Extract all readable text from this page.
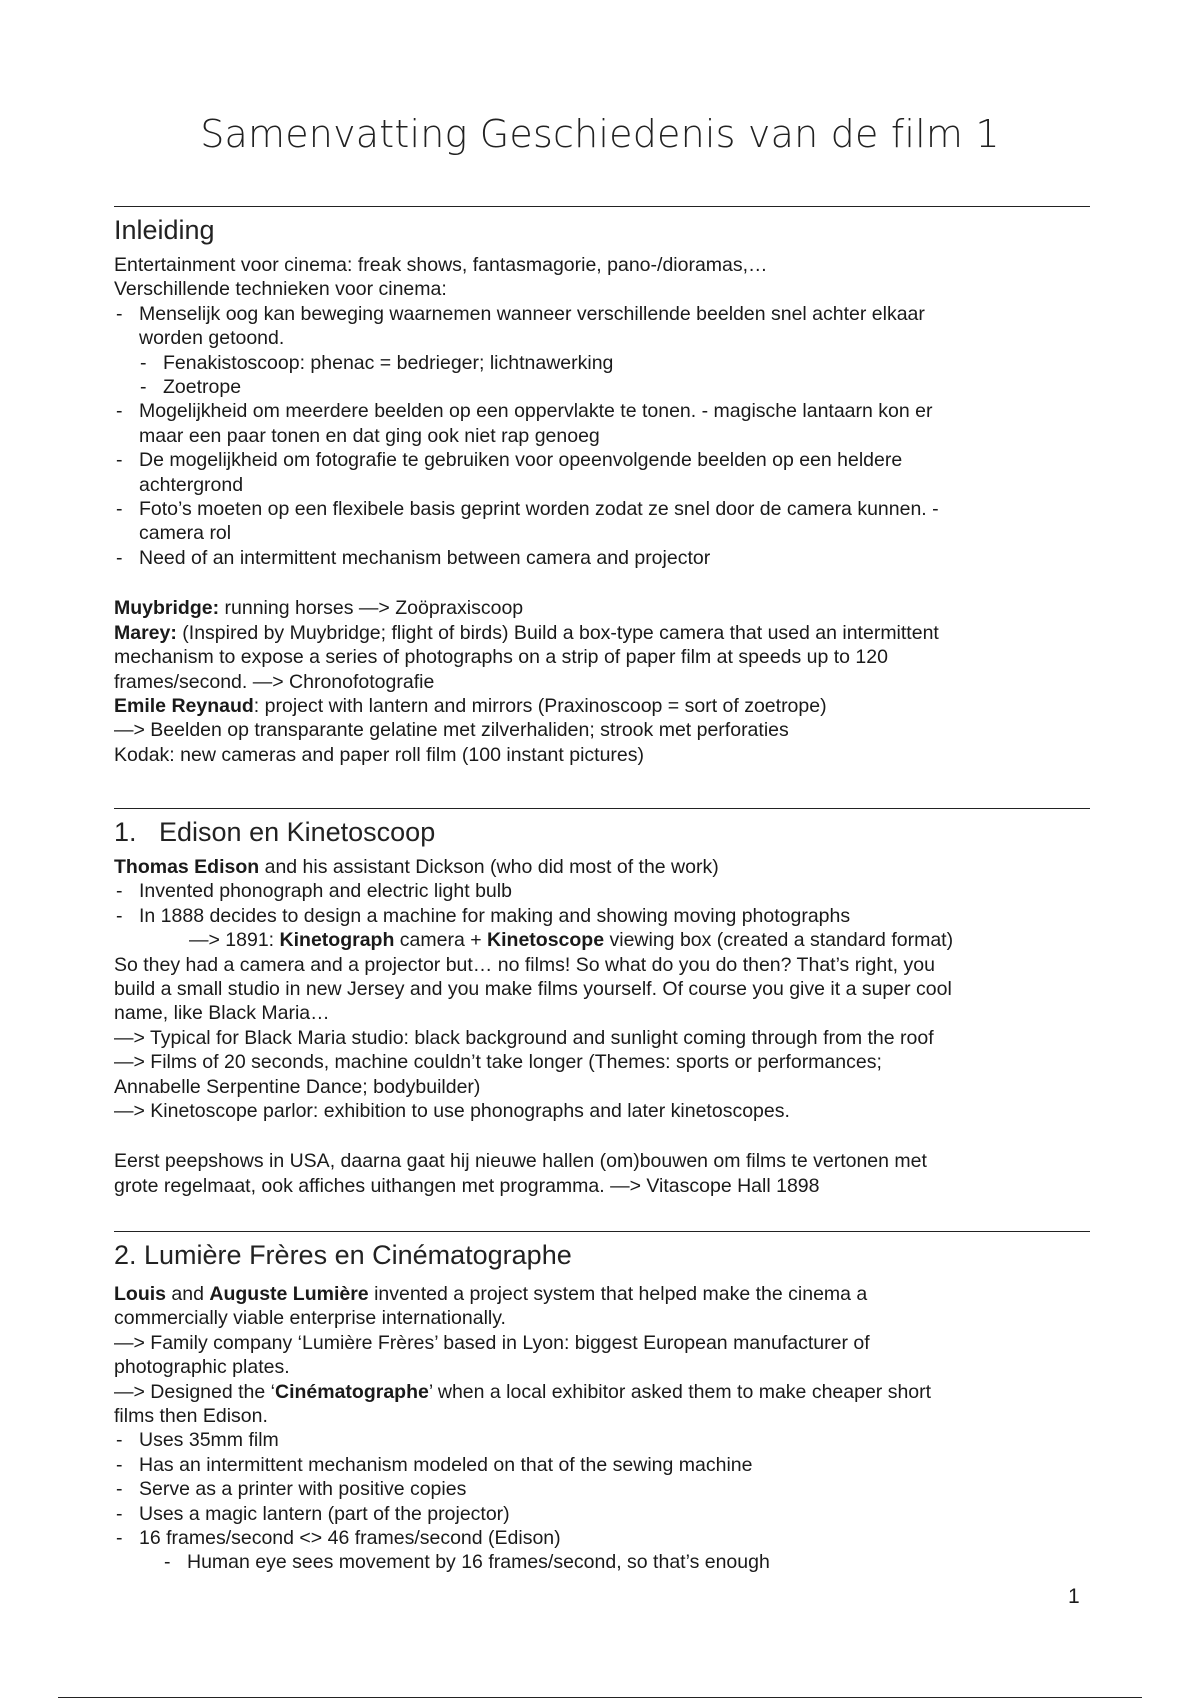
Samenvatting Geschiedenis van de film 1
Inleiding
Entertainment voor cinema: freak shows, fantasmagorie, pano-/dioramas,…
Verschillende technieken voor cinema:
- Menselijk oog kan beweging waarnemen wanneer verschillende beelden snel achter elkaar
worden getoond.
- Fenakistoscoop: phenac = bedrieger; lichtnawerking
- Zoetrope
- Mogelijkheid om meerdere beelden op een oppervlakte te tonen. - magische lantaarn kon er
maar een paar tonen en dat ging ook niet rap genoeg
- De mogelijkheid om fotografie te gebruiken voor opeenvolgende beelden op een heldere
achtergrond
- Foto’s moeten op een flexibele basis geprint worden zodat ze snel door de camera kunnen. -
camera rol
- Need of an intermittent mechanism between camera and projector
Muybridge: running horses —> Zoöpraxiscoop
Marey: (Inspired by Muybridge; flight of birds) Build a box-type camera that used an intermittent
mechanism to expose a series of photographs on a strip of paper film at speeds up to 120
frames/second. —> Chronofotografie
Emile Reynaud: project with lantern and mirrors (Praxinoscoop = sort of zoetrope)
—> Beelden op transparante gelatine met zilverhaliden; strook met perforaties
Kodak: new cameras and paper roll film (100 instant pictures)
1.   Edison en Kinetoscoop
Thomas Edison and his assistant Dickson (who did most of the work)
- Invented phonograph and electric light bulb
- In 1888 decides to design a machine for making and showing moving photographs
—> 1891: Kinetograph camera + Kinetoscope viewing box (created a standard format)
So they had a camera and a projector but… no films! So what do you do then? That’s right, you
build a small studio in new Jersey and you make films yourself. Of course you give it a super cool
name, like Black Maria…
—> Typical for Black Maria studio: black background and sunlight coming through from the roof
—> Films of 20 seconds, machine couldn’t take longer (Themes: sports or performances;
Annabelle Serpentine Dance; bodybuilder)
—> Kinetoscope parlor: exhibition to use phonographs and later kinetoscopes.
Eerst peepshows in USA, daarna gaat hij nieuwe hallen (om)bouwen om films te vertonen met
grote regelmaat, ook affiches uithangen met programma. —> Vitascope Hall 1898
2. Lumière Frères en Cinématographe
Louis and Auguste Lumière invented a project system that helped make the cinema a
commercially viable enterprise internationally.
—> Family company ‘Lumière Frères’ based in Lyon: biggest European manufacturer of
photographic plates.
—> Designed the ‘Cinématographe’ when a local exhibitor asked them to make cheaper short
films then Edison.
- Uses 35mm film
- Has an intermittent mechanism modeled on that of the sewing machine
- Serve as a printer with positive copies
- Uses a magic lantern (part of the projector)
- 16 frames/second <> 46 frames/second (Edison)
- Human eye sees movement by 16 frames/second, so that’s enough
1
